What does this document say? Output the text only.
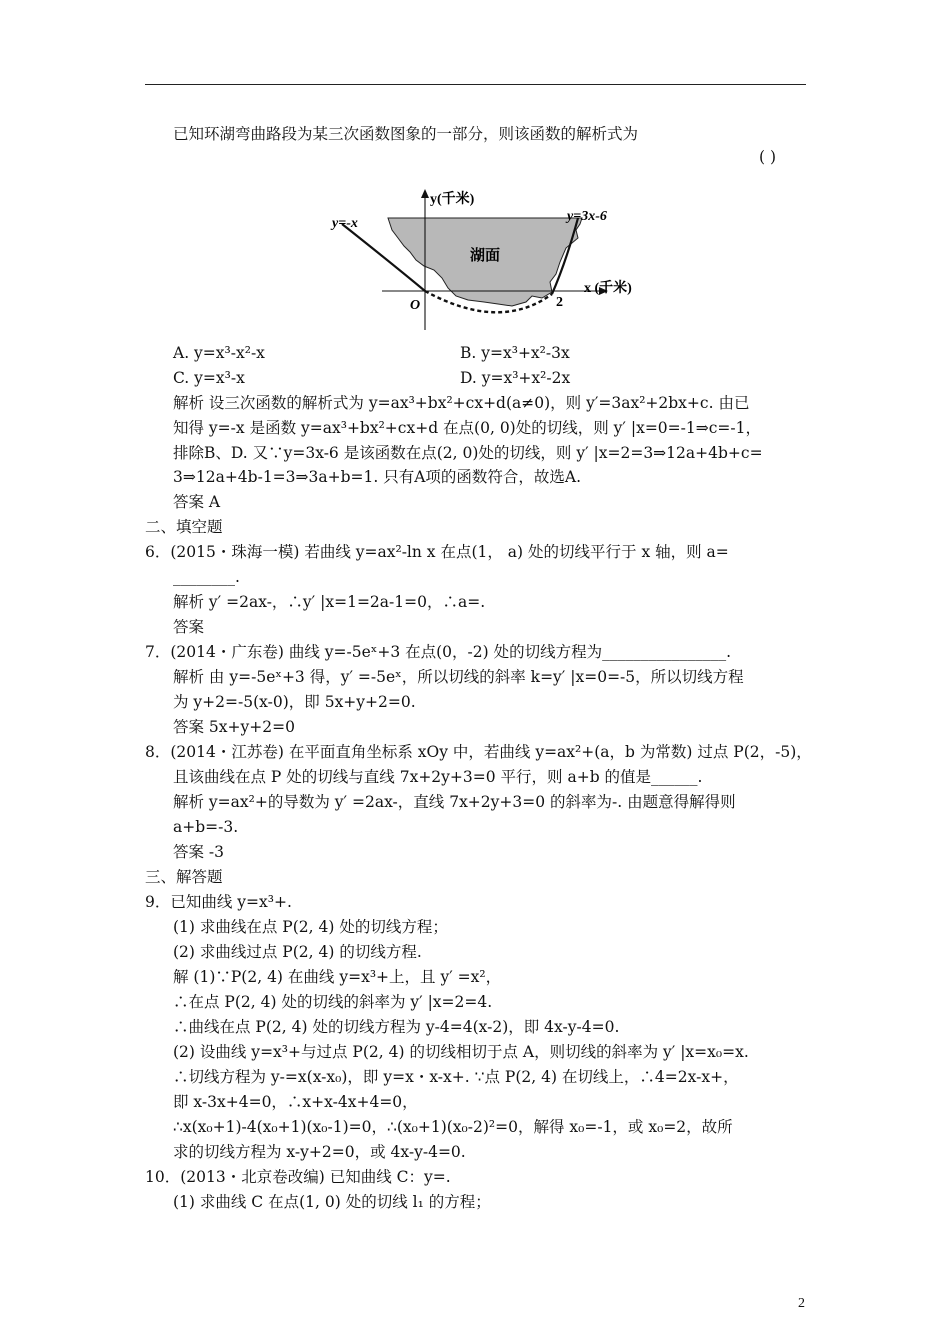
已知环湖弯曲路段为某三次函数图象的一部分，则该函数的解析式为

( )
y(千米)
y=-x	y=3x-6
湖面
x (千米)
O	2

A. y=x³-x²-x	B. y=x³+x²-3x

C. y=x³-x	D. y=x³+x²-2x

解析 设三次函数的解析式为 y=ax³+bx²+cx+d(a≠0)，则 y′=3ax²+2bx+c. 由已

知得 y=-x 是函数 y=ax³+bx²+cx+d 在点(0, 0)处的切线，则 y′ |x=0=-1⇒c=-1，

排除B、D. 又∵y=3x-6 是该函数在点(2, 0)处的切线，则 y′ |x=2=3⇒12a+4b+c=

3⇒12a+4b-1=3⇒3a+b=1. 只有A项的函数符合，故选A.

答案 A

二、填空题

6．(2015・珠海一模) 若曲线 y=ax²-ln x 在点(1， a) 处的切线平行于 x 轴，则 a=

________.

解析 y′ =2ax-，∴y′ |x=1=2a-1=0，∴a=.

答案

7．(2014・广东卷) 曲线 y=-5eˣ+3 在点(0，-2) 处的切线方程为________________.

解析 由 y=-5eˣ+3 得，y′ =-5eˣ，所以切线的斜率 k=y′ |x=0=-5，所以切线方程

为 y+2=-5(x-0)，即 5x+y+2=0.

答案 5x+y+2=0

8．(2014・江苏卷) 在平面直角坐标系 xOy 中，若曲线 y=ax²+(a，b 为常数) 过点 P(2，-5)，

且该曲线在点 P 处的切线与直线 7x+2y+3=0 平行，则 a+b 的值是______.

解析 y=ax²+的导数为 y′ =2ax-，直线 7x+2y+3=0 的斜率为-. 由题意得解得则

a+b=-3.

答案 -3

三、解答题

9．已知曲线 y=x³+.

(1) 求曲线在点 P(2, 4) 处的切线方程；

(2) 求曲线过点 P(2, 4) 的切线方程.

解 (1)∵P(2, 4) 在曲线 y=x³+上，且 y′ =x²，

∴在点 P(2, 4) 处的切线的斜率为 y′ |x=2=4.

∴曲线在点 P(2, 4) 处的切线方程为 y-4=4(x-2)，即 4x-y-4=0.

(2) 设曲线 y=x³+与过点 P(2, 4) 的切线相切于点 A，则切线的斜率为 y′ |x=x₀=x.

∴切线方程为 y-=x(x-x₀)，即 y=x・x-x+. ∵点 P(2, 4) 在切线上，∴4=2x-x+，

即 x-3x+4=0，∴x+x-4x+4=0，

∴x(x₀+1)-4(x₀+1)(x₀-1)=0，∴(x₀+1)(x₀-2)²=0，解得 x₀=-1，或 x₀=2，故所

求的切线方程为 x-y+2=0，或 4x-y-4=0.

10．(2013・北京卷改编) 已知曲线 C：y=.

(1) 求曲线 C 在点(1, 0) 处的切线 l₁ 的方程；

2
